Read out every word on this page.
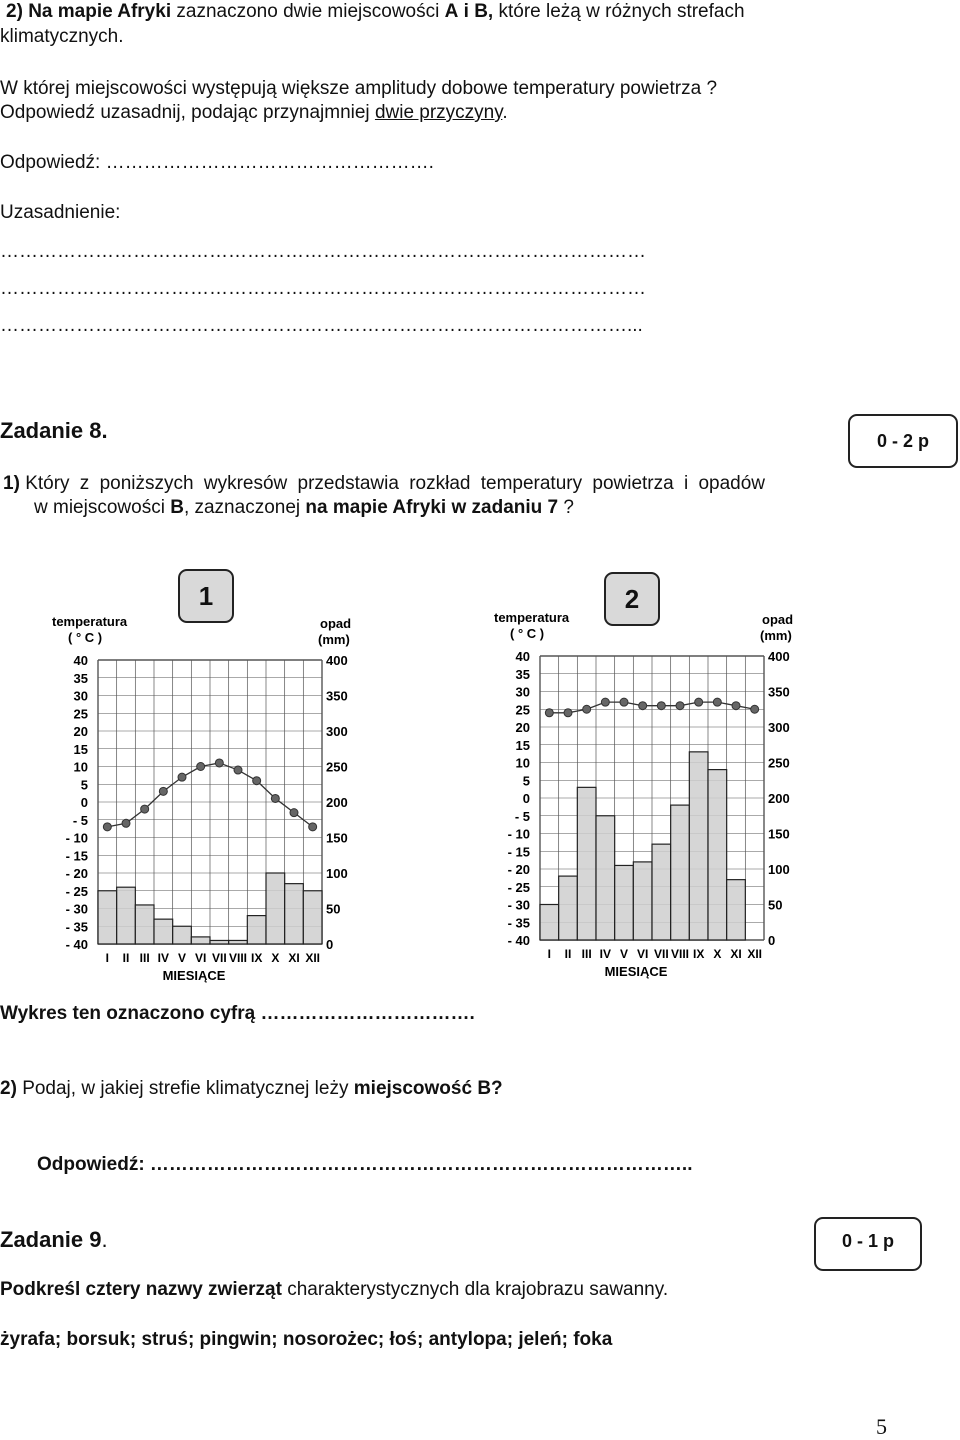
2) Na mapie Afryki zaznaczono dwie miejscowości A i B, które leżą w różnych strefach
klimatycznych.
W której miejscowości występują większe amplitudy dobowe temperatury powietrza ?
Odpowiedź uzasadnij, podając przynajmniej dwie przyczyny.
Odpowiedź: …………………………………………….
Uzasadnienie:
…………………………………………………………………………………………
…………………………………………………………………………………………
………………………………………………………………………………………...
Zadanie 8.	0 - 2 p
1) Który z poniższych wykresów przedstawia rozkład temperatury powietrza i opadów
w miejscowości B, zaznaczonej na mapie Afryki w zadaniu 7 ?
1	2
temperatura
( ° C )
opad
(mm)
40
35
30
25
20
15
10
5
0
- 5
- 10
- 15
- 20
- 25
- 30
- 35
- 40
400
350
300
250
200
150
100
50
0
I II III IV V VI VII VIII IX X XI XII
MIESIĄCE
temperatura
( ° C )
opad
(mm)
40
35
30
25
20
15
10
5
0
- 5
- 10
- 15
- 20
- 25
- 30
- 35
- 40
400
350
300
250
200
150
100
50
0
I II III IV V VI VII VIII IX X XI XII
MIESIĄCE
Wykres ten oznaczono cyfrą …………………………….
2) Podaj, w jakiej strefie klimatycznej leży miejscowość B?
Odpowiedź: …………………………………………………………………………..
Zadanie 9.	0 - 1 p
Podkreśl cztery nazwy zwierząt charakterystycznych dla krajobrazu sawanny.
żyrafa; borsuk; struś; pingwin; nosorożec; łoś; antylopa; jeleń; foka
5
